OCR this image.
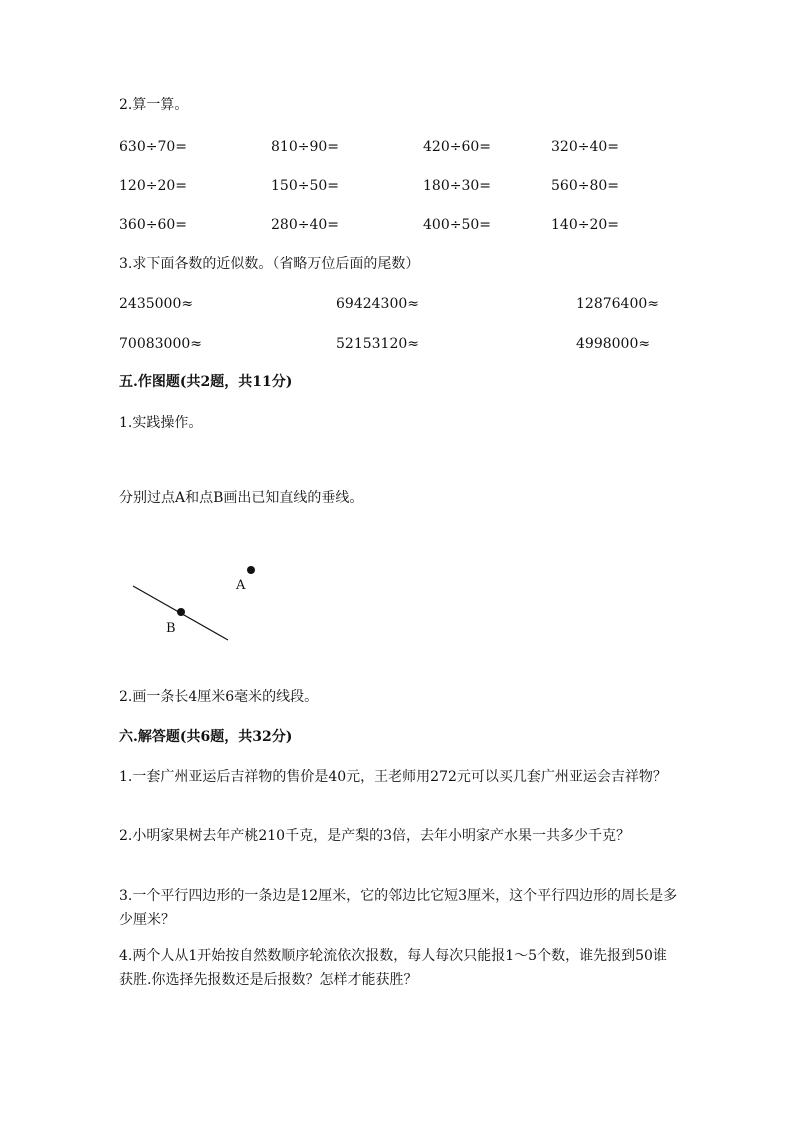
2.算一算。
630÷70=	810÷90=	420÷60=	320÷40=
120÷20=	150÷50=	180÷30=	560÷80=
360÷60=	280÷40=	400÷50=	140÷20=
3.求下面各数的近似数。（省略万位后面的尾数）
2435000≈	69424300≈	12876400≈
70083000≈	52153120≈	4998000≈
五.作图题(共2题，共11分)
1.实践操作。
分别过点A和点B画出已知直线的垂线。
A
B
2.画一条长4厘米6毫米的线段。
六.解答题(共6题，共32分)
1.一套广州亚运后吉祥物的售价是40元，王老师用272元可以买几套广州亚运会吉祥物？
2.小明家果树去年产桃210千克，是产梨的3倍，去年小明家产水果一共多少千克？
3.一个平行四边形的一条边是12厘米，它的邻边比它短3厘米，这个平行四边形的周长是多少厘米？
4.两个人从1开始按自然数顺序轮流依次报数，每人每次只能报1～5个数，谁先报到50谁获胜.你选择先报数还是后报数？怎样才能获胜？
